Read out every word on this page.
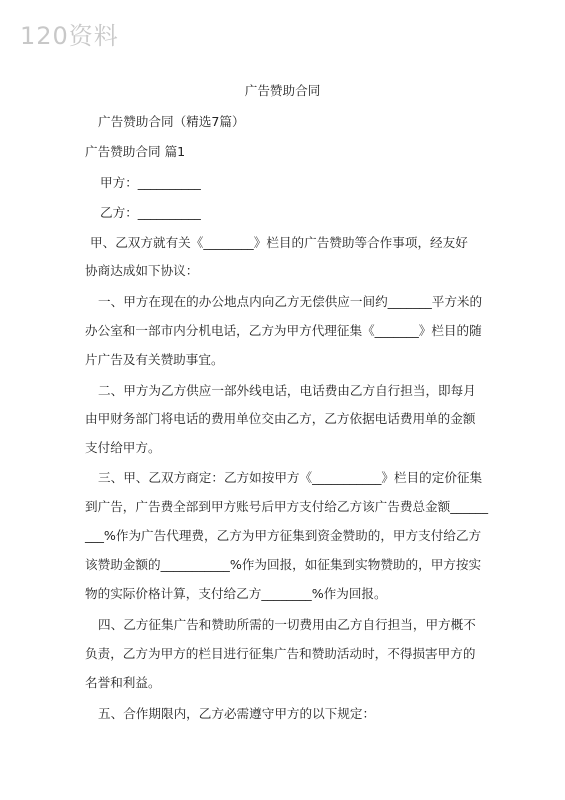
120资料
广告赞助合同
广告赞助合同（精选7篇）
广告赞助合同 篇1
甲方：__________
乙方：__________
甲、乙双方就有关《________》栏目的广告赞助等合作事项，经友好
协商达成如下协议：
一、甲方在现在的办公地点内向乙方无偿供应一间约_______平方米的
办公室和一部市内分机电话，乙方为甲方代理征集《_______》栏目的随
片广告及有关赞助事宜。
二、甲方为乙方供应一部外线电话，电话费由乙方自行担当，即每月
由甲财务部门将电话的费用单位交由乙方，乙方依据电话费用单的金额
支付给甲方。
三、甲、乙双方商定：乙方如按甲方《___________》栏目的定价征集
到广告，广告费全部到甲方账号后甲方支付给乙方该广告费总金额______
___%作为广告代理费，乙方为甲方征集到资金赞助的，甲方支付给乙方
该赞助金额的___________%作为回报，如征集到实物赞助的，甲方按实
物的实际价格计算，支付给乙方________%作为回报。
四、乙方征集广告和赞助所需的一切费用由乙方自行担当，甲方概不
负责，乙方为甲方的栏目进行征集广告和赞助活动时，不得损害甲方的
名誉和利益。
五、合作期限内，乙方必需遵守甲方的以下规定：
